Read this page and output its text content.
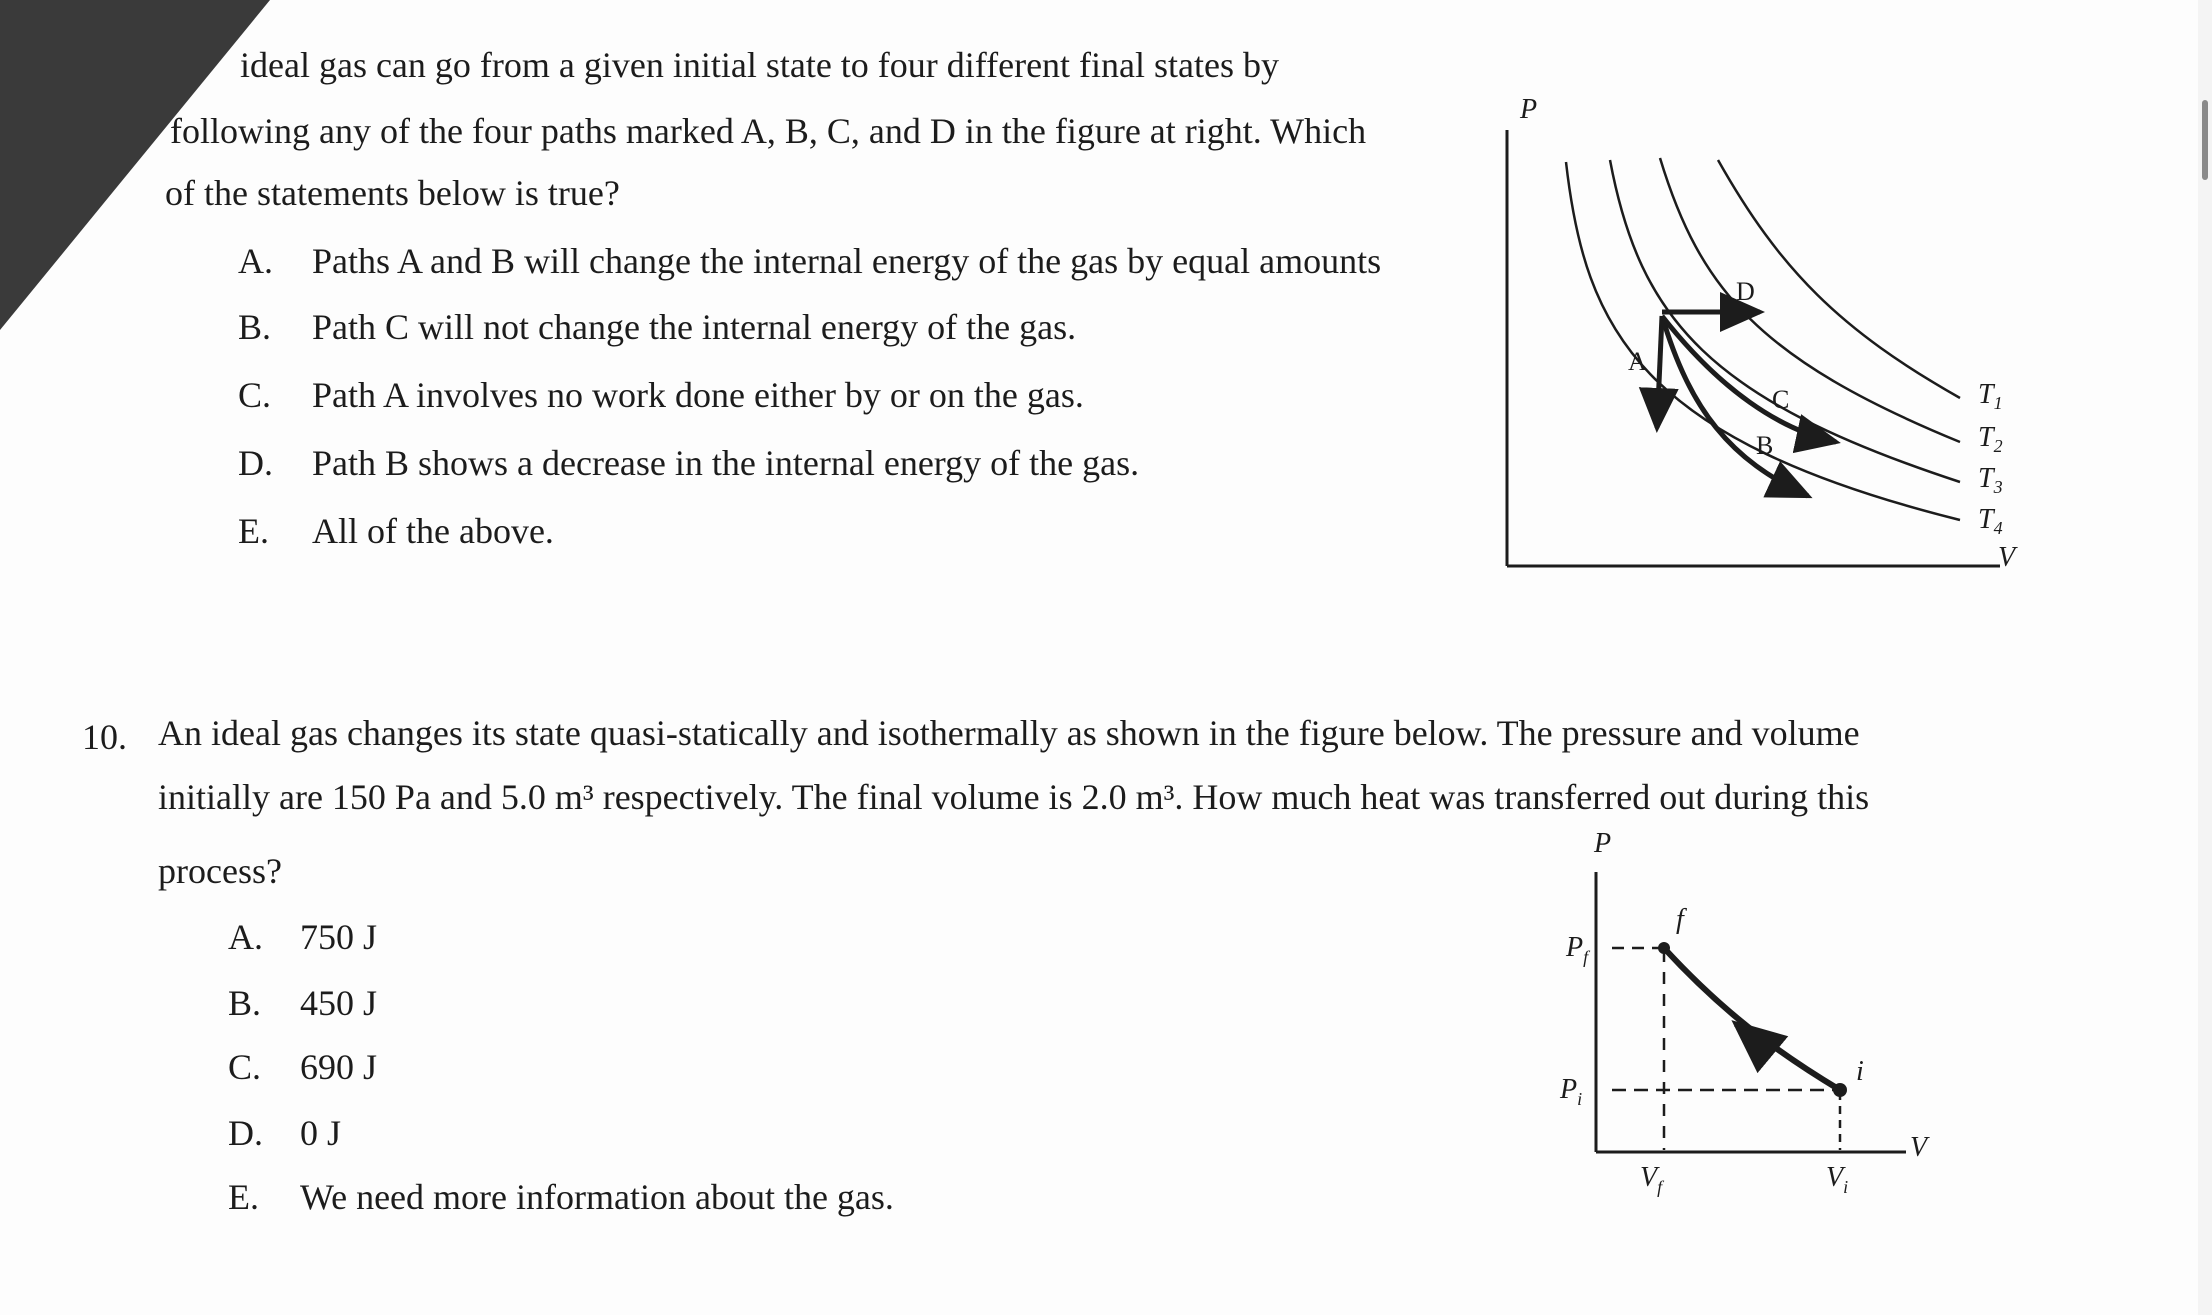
ideal gas can go from a given initial state to four different final states by
following any of the four paths marked A, B, C, and D in the figure at right. Which
of the statements below is true?
A. Paths A and B will change the internal energy of the gas by equal amounts
B. Path C will not change the internal energy of the gas.
C. Path A involves no work done either by or on the gas.
D. Path B shows a decrease in the internal energy of the gas.
E. All of the above.
P
V
A
B
C
D
$T_1$
$T_2$
$T_3$
$T_4$
10. An ideal gas changes its state quasi-statically and isothermally as shown in the figure below. The pressure and volume
initially are 150 Pa and 5.0 m³ respectively. The final volume is 2.0 m³. How much heat was transferred out during this
process?
A. 750 J
B. 450 J
C. 690 J
D. 0 J
E. We need more information about the gas.
P
V
f
i
$P_f$
$P_i$
$V_f$	$V_i$
